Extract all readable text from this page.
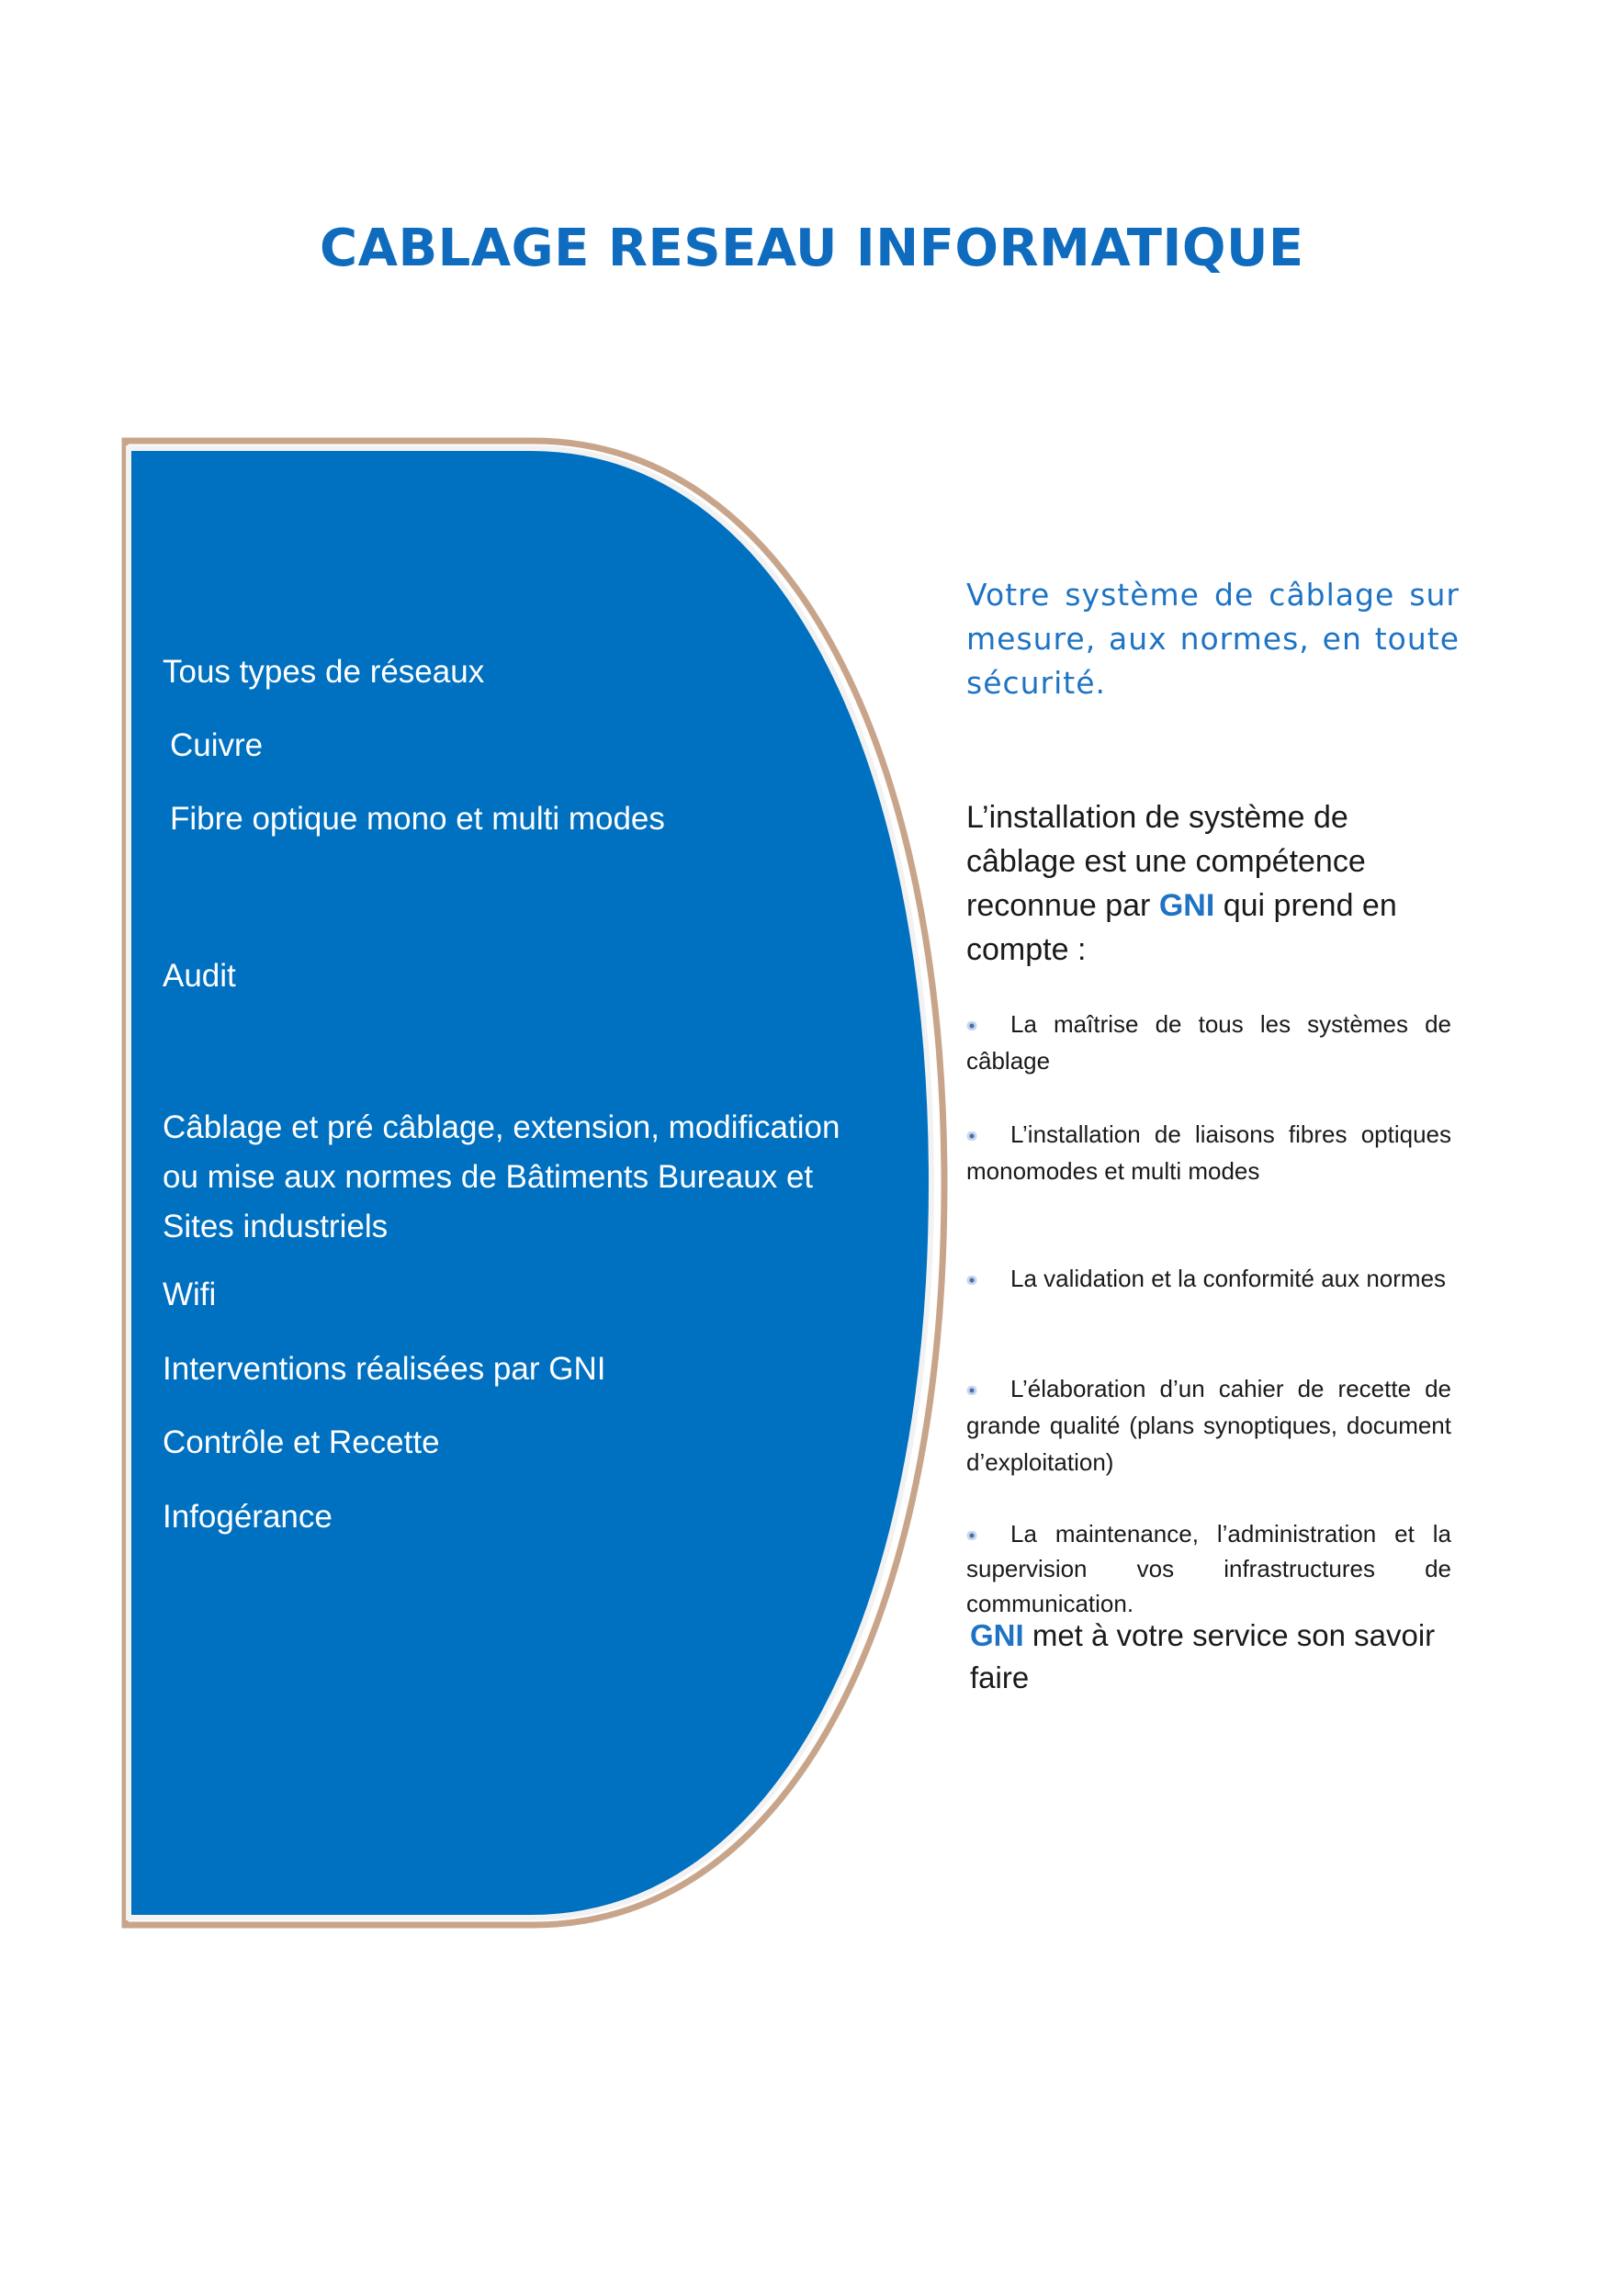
CABLAGE RESEAU INFORMATIQUE

Tous types de réseaux

Cuivre

Fibre optique mono et multi modes

Audit

Câblage et pré câblage, extension, modification ou mise aux normes de Bâtiments Bureaux et Sites industriels

Wifi

Interventions réalisées par GNI

Contrôle et Recette

Infogérance

Votre système de câblage sur mesure, aux normes, en toute sécurité.

L’installation de système de câblage est une compétence reconnue par GNI qui prend en compte :

La maîtrise de tous les systèmes de câblage

L’installation de liaisons fibres optiques monomodes et multi modes

La validation et la conformité aux normes

L’élaboration d’un cahier de recette de grande qualité (plans synoptiques, document d’exploitation)

La maintenance, l’administration et la supervision vos infrastructures de communication.

GNI met à votre service son savoir faire
